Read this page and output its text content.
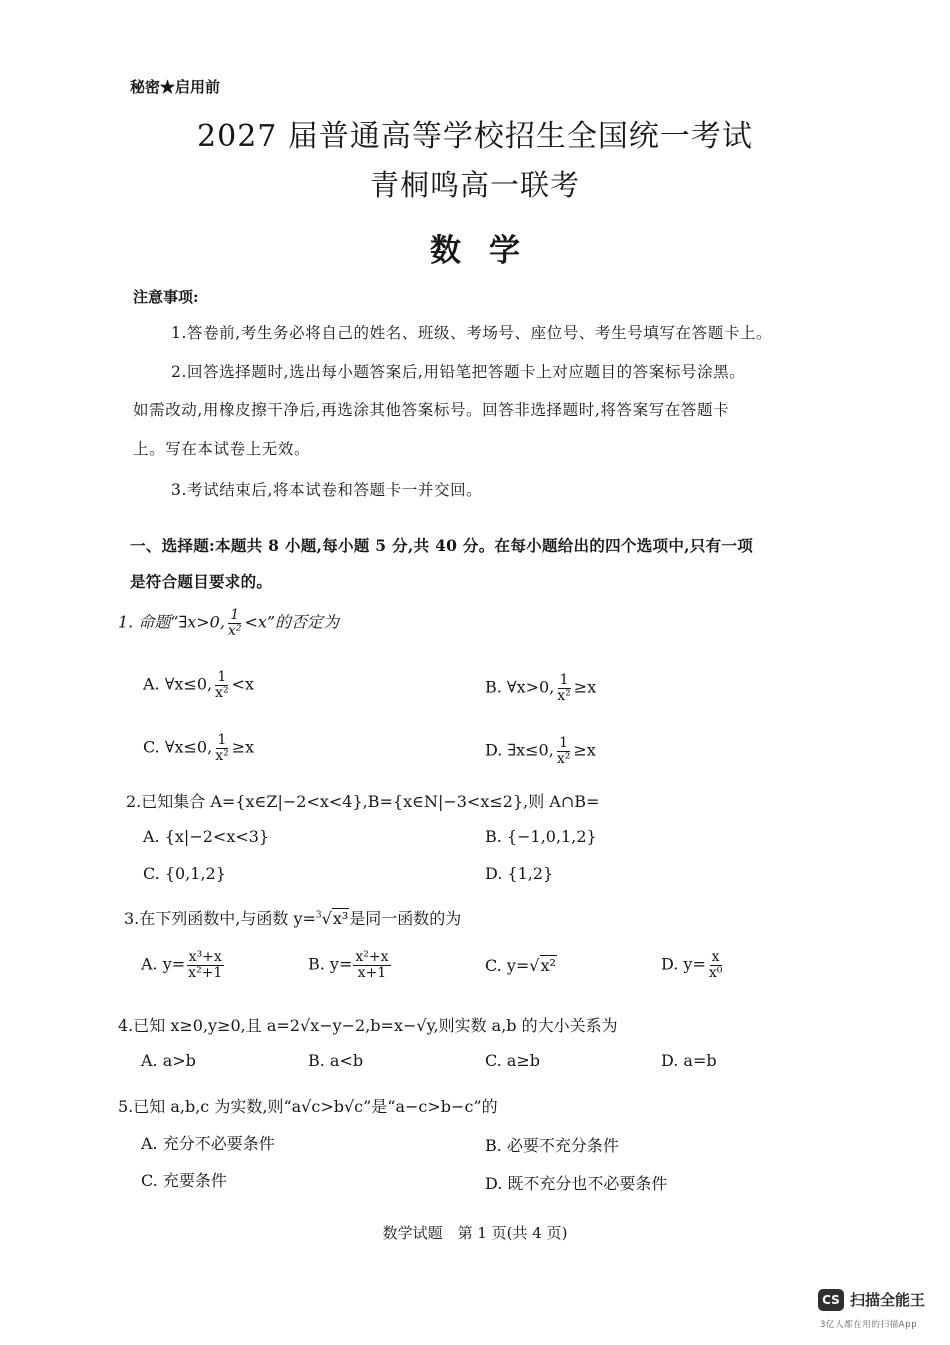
秘密★启用前
2027 届普通高等学校招生全国统一考试
青桐鸣高一联考
数学
注意事项:
1.答卷前,考生务必将自己的姓名、班级、考场号、座位号、考生号填写在答题卡上。
2.回答选择题时,选出每小题答案后,用铅笔把答题卡上对应题目的答案标号涂黑。
如需改动,用橡皮擦干净后,再选涂其他答案标号。回答非选择题时,将答案写在答题卡
上。写在本试卷上无效。
3.考试结束后,将本试卷和答题卡一并交回。
一、选择题:本题共 8 小题,每小题 5 分,共 40 分。在每小题给出的四个选项中,只有一项
是符合题目要求的。
1. 命题“∃x>0, $\frac{1}{\text{x²}} <x$”的否定为
A. ∀x≤0, $\frac{1}{\text{x²}} <x$	B. ∀x>0, $\frac{1}{\text{x²}} \ge x$
C. ∀x≤0, $\frac{1}{\text{x²}} \ge x$	D. ∃x≤0, $\frac{1}{\text{x²}} \ge x$
2.已知集合 A={x∈Z|−2<x<4},B={x∈N|−3<x≤2},则 A∩B=
A. {x|−2<x<3}	B. {−1,0,1,2}
C. {0,1,2}	D. {1,2}
3.在下列函数中,与函数 y=$^3$√x³是同一函数的为
A. $y= \frac{\text{x³+x}}{\text{x²+1}}$	B. $y= \frac{\text{x²+x}}{x+1}$	C. y=√x²	D. $y= \frac{x}{\text{x⁰}}$
4.已知 x≥0,y≥0,且 a=2√x−y−2,b=x−√y,则实数 a,b 的大小关系为
A. a>b	B. a<b	C. a≥b	D. a=b
5.已知 a,b,c 为实数,则“a√c>b√c”是“a−c>b−c”的
A. 充分不必要条件	B. 必要不充分条件
C. 充要条件	D. 既不充分也不必要条件
数学试题　第 1 页(共 4 页)
CS 扫描全能王
3亿人都在用的扫描App
